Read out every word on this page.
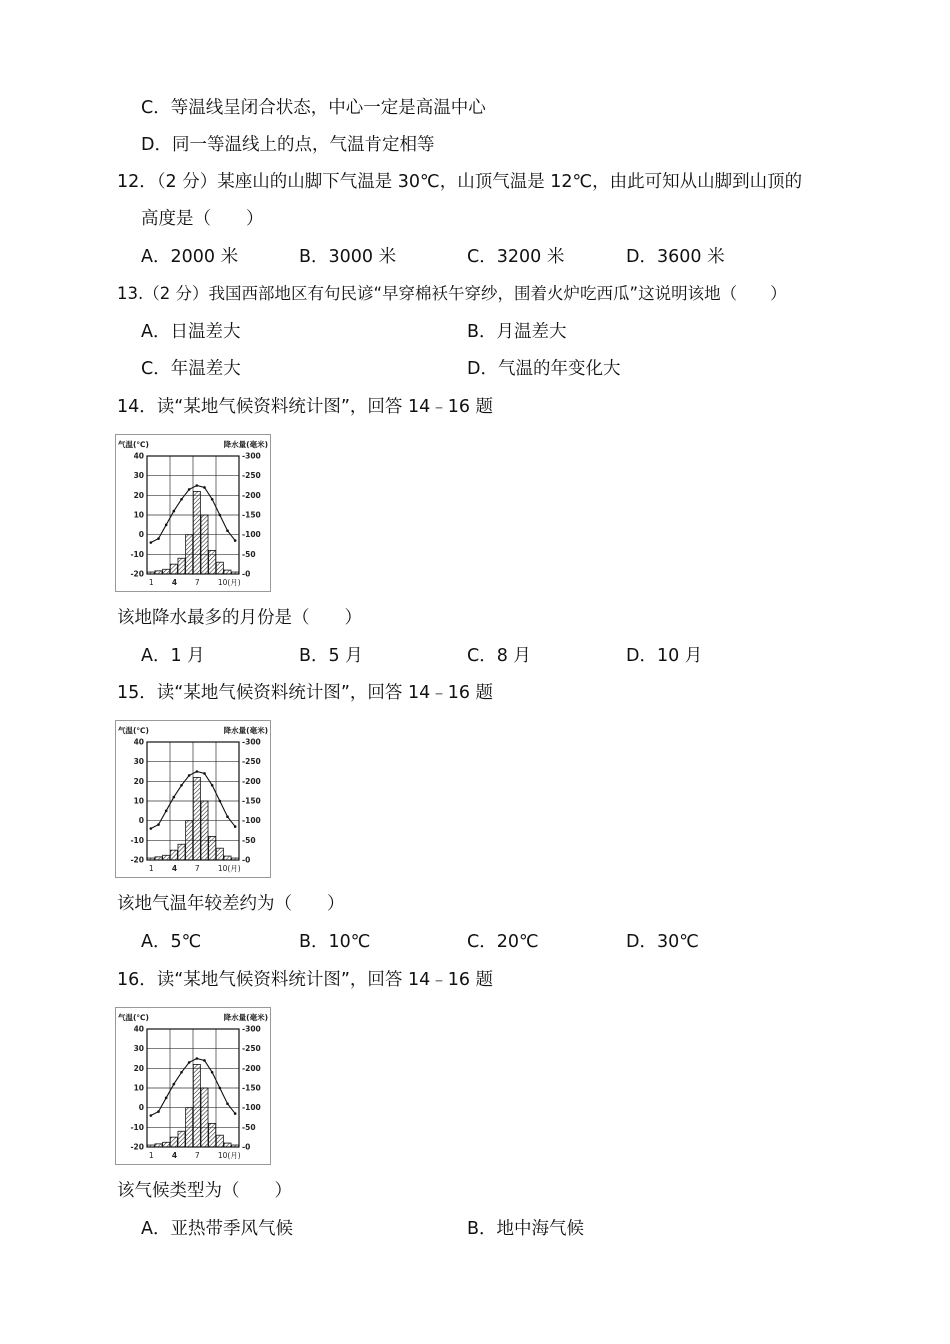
C．等温线呈闭合状态，中心一定是高温中心
D．同一等温线上的点，气温肯定相等
12．（2 分）某座山的山脚下气温是 30℃，山顶气温是 12℃，由此可知从山脚到山顶的
高度是（　　）
A．2000 米	B．3000 米	C．3200 米	D．3600 米
13.（2 分）我国西部地区有句民谚“早穿棉袄午穿纱，围着火炉吃西瓜”这说明该地（　　）
A．日温差大	B．月温差大
C．年温差大	D．气温的年变化大
14．读“某地气候资料统计图”，回答 14﹣16 题
气温(℃)	降水量(毫米)
40
30
20
10
0
-10
-20
-300
-250
-200
-150
-100
-50
-0
1 4 7 10(月)
该地降水最多的月份是（　　）
A．1 月	B．5 月	C．8 月	D．10 月
15．读“某地气候资料统计图”，回答 14﹣16 题
气温(℃)	降水量(毫米)
40
30
20
10
0
-10
-20
-300
-250
-200
-150
-100
-50
-0
1 4 7 10(月)
该地气温年较差约为（　　）
A．5℃	B．10℃	C．20℃	D．30℃
16．读“某地气候资料统计图”，回答 14﹣16 题
气温(℃)	降水量(毫米)
40
30
20
10
0
-10
-20
-300
-250
-200
-150
-100
-50
-0
1 4 7 10(月)
该气候类型为（　　）
A．亚热带季风气候	B．地中海气候
